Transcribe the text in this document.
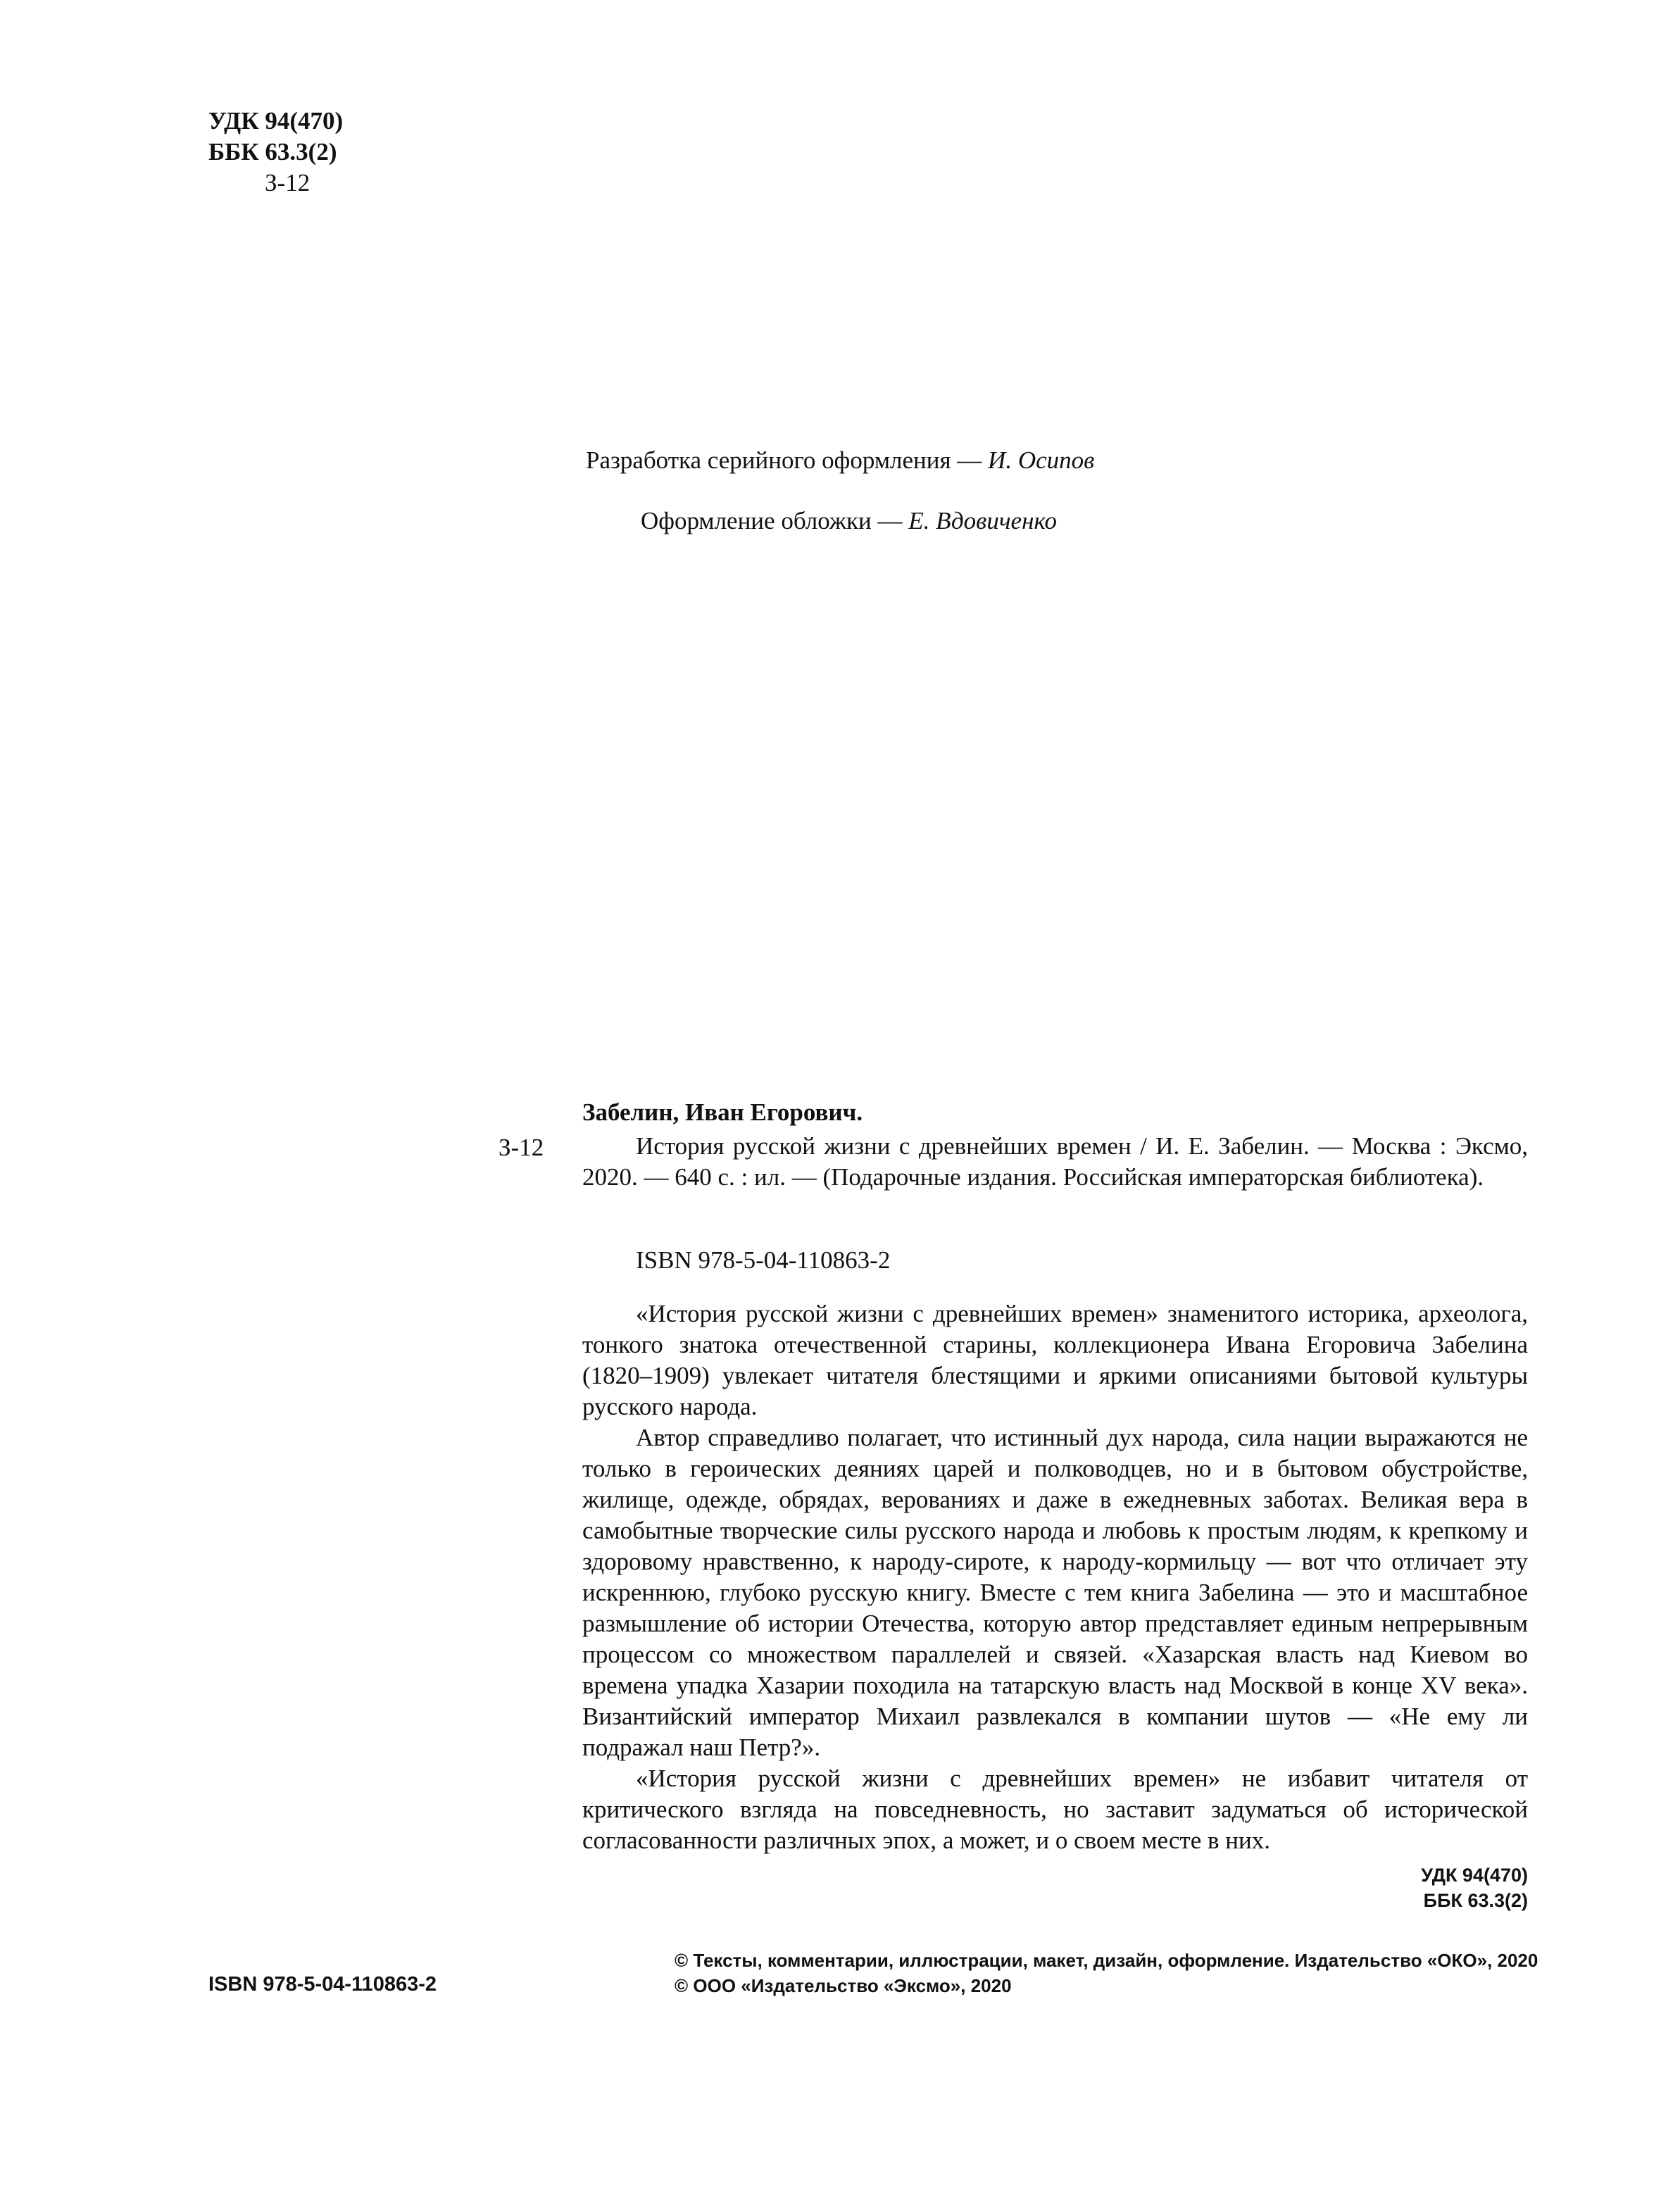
УДК 94(470)
ББК 63.3(2)
З-12
Разработка серийного оформления — И. Осипов
Оформление обложки — Е. Вдовиченко
Забелин, Иван Егорович.
З-12	История русской жизни с древнейших времен / И. Е. Забелин. — Москва : Эксмо, 2020. — 640 с. : ил. — (Подарочные издания. Российская императорская библиотека).

ISBN 978-5-04-110863-2

«История русской жизни с древнейших времен» знаменитого историка, археолога, тонкого знатока отечественной старины, коллекционера Ивана Егоровича Забелина (1820–1909) увлекает читателя блестящими и яркими описаниями бытовой культуры русского народа.

Автор справедливо полагает, что истинный дух народа, сила нации выражаются не только в героических деяниях царей и полководцев, но и в бытовом обустройстве, жилище, одежде, обрядах, верованиях и даже в ежедневных заботах. Великая вера в самобытные творческие силы русского народа и любовь к простым людям, к крепкому и здоровому нравственно, к народу-сироте, к народу-кормильцу — вот что отличает эту искреннюю, глубоко русскую книгу. Вместе с тем книга Забелина — это и масштабное размышление об истории Отечества, которую автор представляет единым непрерывным процессом со множеством параллелей и связей. «Хазарская власть над Киевом во времена упадка Хазарии походила на татарскую власть над Москвой в конце XV века». Византийский император Михаил развлекался в компании шутов — «Не ему ли подражал наш Петр?».

«История русской жизни с древнейших времен» не избавит читателя от критического взгляда на повседневность, но заставит задуматься об исторической согласованности различных эпох, а может, и о своем месте в них.

УДК 94(470)
ББК 63.3(2)
ISBN 978-5-04-110863-2
© Тексты, комментарии, иллюстрации, макет, дизайн, оформление. Издательство «ОКО», 2020
© ООО «Издательство «Эксмо», 2020
